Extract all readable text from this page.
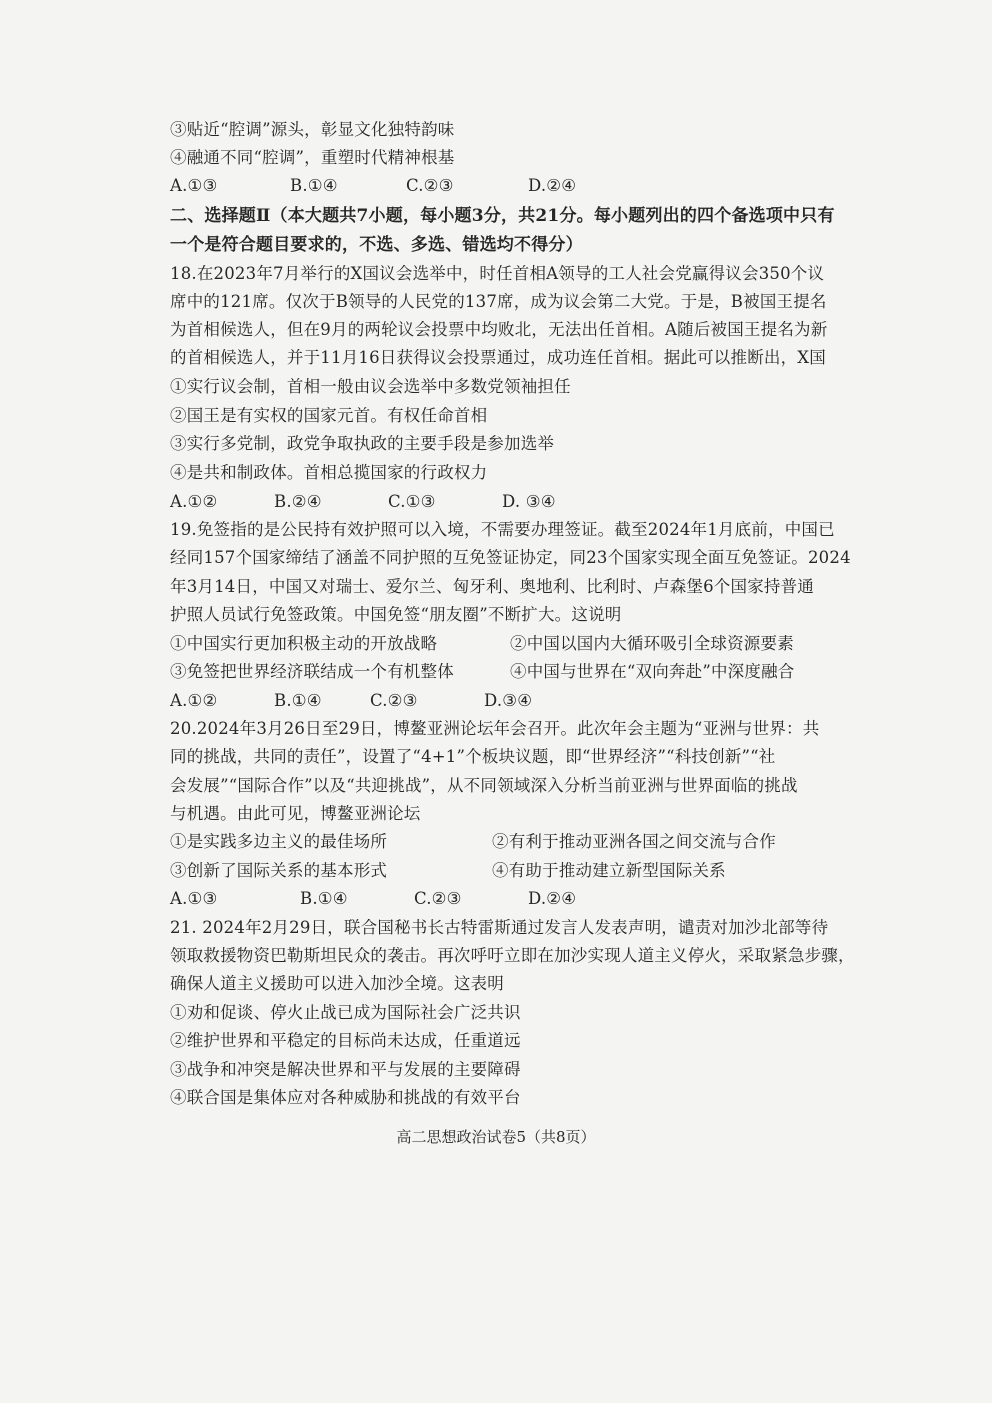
③贴近“腔调”源头，彰显文化独特韵味
④融通不同“腔调”，重塑时代精神根基
A.①③	B.①④	C.②③	D.②④
二、选择题Ⅱ（本大题共7小题，每小题3分，共21分。每小题列出的四个备选项中只有
一个是符合题目要求的，不选、多选、错选均不得分）
18.在2023年7月举行的X国议会选举中，时任首相A领导的工人社会党赢得议会350个议
席中的121席。仅次于B领导的人民党的137席，成为议会第二大党。于是，B被国王提名
为首相候选人，但在9月的两轮议会投票中均败北，无法出任首相。A随后被国王提名为新
的首相候选人，并于11月16日获得议会投票通过，成功连任首相。据此可以推断出，X国
①实行议会制，首相一般由议会选举中多数党领袖担任
②国王是有实权的国家元首。有权任命首相
③实行多党制，政党争取执政的主要手段是参加选举
④是共和制政体。首相总揽国家的行政权力
A.①②	B.②④	C.①③	D. ③④
19.免签指的是公民持有效护照可以入境，不需要办理签证。截至2024年1月底前，中国已
经同157个国家缔结了涵盖不同护照的互免签证协定，同23个国家实现全面互免签证。2024
年3月14日，中国又对瑞士、爱尔兰、匈牙利、奥地利、比利时、卢森堡6个国家持普通
护照人员试行免签政策。中国免签“朋友圈”不断扩大。这说明
①中国实行更加积极主动的开放战略	②中国以国内大循环吸引全球资源要素
③免签把世界经济联结成一个有机整体	④中国与世界在“双向奔赴”中深度融合
A.①②	B.①④	C.②③	D.③④
20.2024年3月26日至29日，博鳌亚洲论坛年会召开。此次年会主题为“亚洲与世界：共
同的挑战，共同的责任”，设置了“4+1”个板块议题，即“世界经济”“科技创新”“社
会发展”“国际合作”以及“共迎挑战”，从不同领域深入分析当前亚洲与世界面临的挑战
与机遇。由此可见，博鳌亚洲论坛
①是实践多边主义的最佳场所	②有利于推动亚洲各国之间交流与合作
③创新了国际关系的基本形式	④有助于推动建立新型国际关系
A.①③	B.①④	C.②③	D.②④
21. 2024年2月29日，联合国秘书长古特雷斯通过发言人发表声明，谴责对加沙北部等待
领取救援物资巴勒斯坦民众的袭击。再次呼吁立即在加沙实现人道主义停火，采取紧急步骤，
确保人道主义援助可以进入加沙全境。这表明
①劝和促谈、停火止战已成为国际社会广泛共识
②维护世界和平稳定的目标尚未达成，任重道远
③战争和冲突是解决世界和平与发展的主要障碍
④联合国是集体应对各种威胁和挑战的有效平台
高二思想政治试卷5（共8页）
